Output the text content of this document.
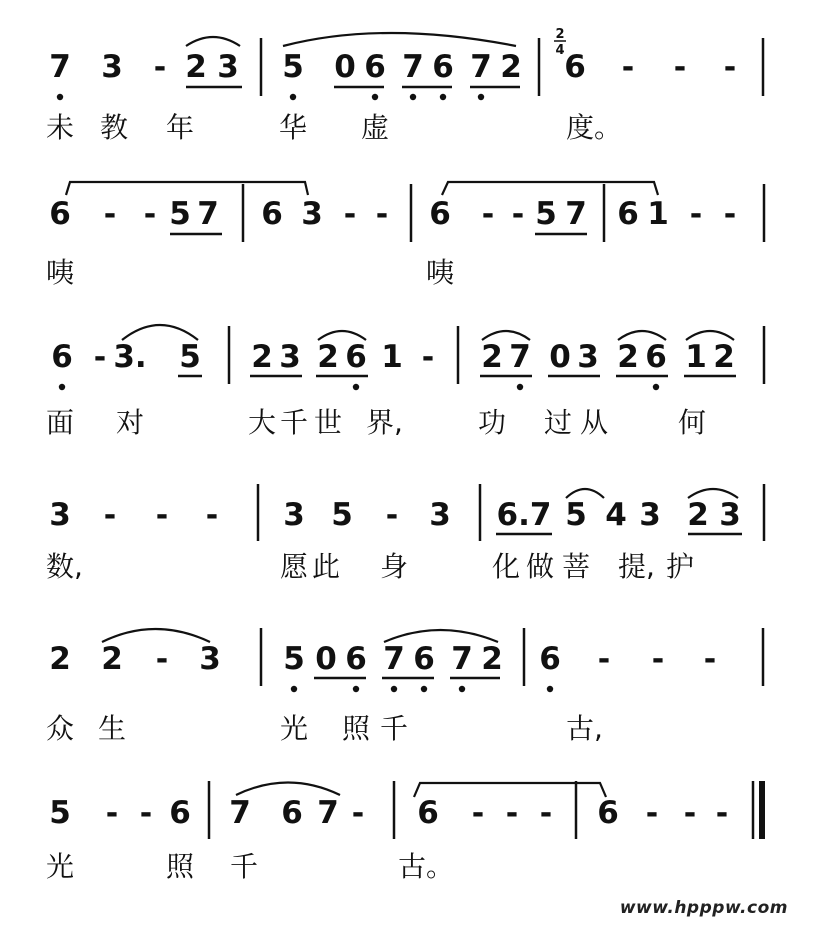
7 3 - 2 3 5 0 6 7 6 7 2 6 - - -
未 教 年	华 虚	度。
6 - - 5 7 6 3 - - 6 - - 5 7 6 1 - -
咦	咦
6 - 3. 5 2 3 2 6 1 - 2 7 0 3 2 6 1 2
面 对	大 千 世 界,	功 过 从 何
3 - - - 3 5 - 3 6.7 5 4 3 2 3
数,	愿 此 身	化 做 菩 提, 护
2 2 - 3 5 0 6 7 6 7 2 6 - - -
众 生	光 照 千	古,
5 - - 6 7 6 7 - 6 - - - 6 - - -
光	照 千	古。
2
4
www.hpppw.com
